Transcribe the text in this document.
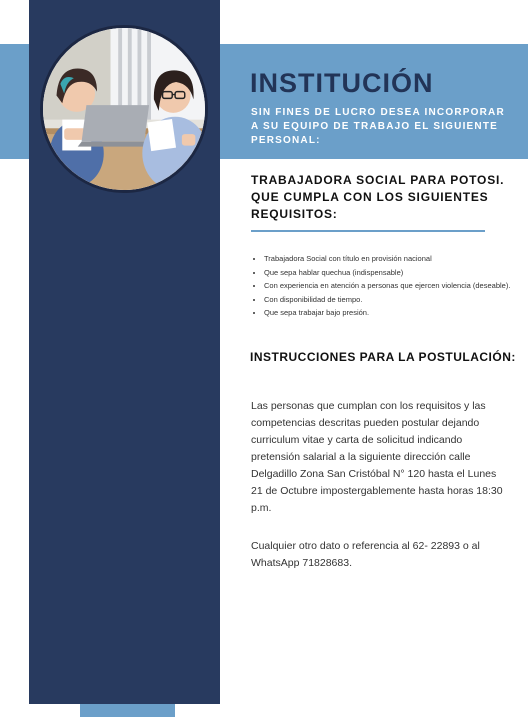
INSTITUCIÓN

SIN FINES DE LUCRO DESEA INCORPORAR A SU EQUIPO DE TRABAJO EL SIGUIENTE PERSONAL:

TRABAJADORA SOCIAL PARA POTOSI. QUE CUMPLA CON LOS SIGUIENTES REQUISITOS:
• Trabajadora Social con título en provisión nacional
• Que sepa hablar quechua (indispensable)
• Con experiencia en atención a personas que ejercen violencia (deseable).
• Con disponibilidad de tiempo.
• Que sepa trabajar bajo presión.
INSTRUCCIONES PARA LA POSTULACIÓN:

Las personas que cumplan con los requisitos y las competencias descritas pueden postular dejando curriculum vitae y carta de solicitud indicando pretensión salarial a la siguiente dirección calle Delgadillo Zona San Cristóbal N° 120 hasta el Lunes 21 de Octubre impostergablemente hasta horas 18:30 p.m.

Cualquier otro dato o referencia al 62- 22893 o al WhatsApp 71828683.
